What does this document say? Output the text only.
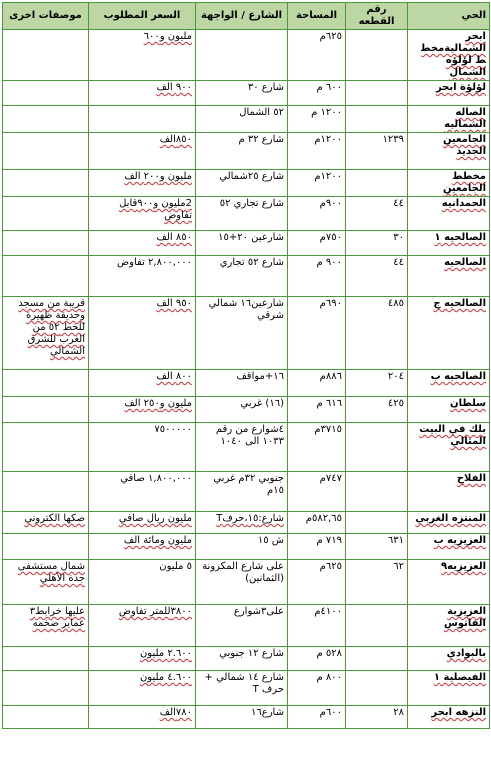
الحي	رقم القطعه	المساحة	الشارع / الواجهة	السعر المطلوب	موصفات اخرى
ابحر الشماليةمخطط لؤلؤه الشمال		٦٢٥م		مليون و٦٠٠	
لؤلؤة ابحر		٦٠٠ م	شارع ٣٠	٩٠٠ الف	
الصاله الشماليه		١٢٠٠ م	٥٢ الشمال		
الجامعين الجديد	١٢٣٩	١٢٠٠م	شارع ٣٢ م	٨٥٠الف	
مخطط الجامعين		١٢٠٠م	شارع ٢٥شمالي	مليون و٢٠٠ الف	
الحمدانيه	٤٤	٩٠٠م	شارع تجاري ٥٢	2مليون و٩٠٠قابل تفاوض	
الصالحيه ١	٣٠	٧٥٠م	شارعين ٢٠+١٥	٨٥٠ الف	
الصالحيه	٤٤	٩٠٠ م	شارع ٥٢ تجاري	٢,٨٠٠,٠٠٠ تفاوض	
الصالحيه ج	٤٨٥	٦٩٠م	شارعين١٦ شمالي شرقي	٩٥٠ الف	قريبة من مسجد وحديقة ظهيرة للخط ٥٢ من الغرب للشرق الشمالي
الصالحيه ب	٢٠٤	٨٨٦م	١٦+مواقف	٨٠٠ الف	
سلطان	٤٢٥	٦١٦ م	(١٦) غربي	مليون و٢٥٠ الف	
بلك في البيت المثالي		٣٧١٥م	٤شوارع من رقم ١٠٣٣ الى ١٠٤٠	٧٥٠٠٠٠٠	
الفلاح		٧٤٧م	جنوبي ٣٢م غربي ١٥م	١,٨٠٠,٠٠٠ صافي	
المنتزه الغربي		٥٨٢,٦٥م	شارع:١٥،حرفT	مليون ريال صافي	صكها الكتروني
العزيزيه ب	٦٣١	٧١٩ م	ش ١٥	مليون ومائة الف	
العزيزيه٩	٦٢	٦٢٥م	على شارع المكرونة (الثمانين)	٥ مليون	شمال مستشفى جدة الأهلي
العزيزية الفاتوس		٤١٠٠م	على٣شوارع	٣٨٠٠للمتر تفاوض	عليها خرابط٣ عماير ضخمه
بالبوادي		٥٢٨ م	شارع ١٢ جنوبي	٢.٦٠٠ مليون	
الفيصلية ١		٨٠٠ م	شارع ١٤ شمالي + حرف T	٤.٦٠٠ مليون	
النزهه ابحر	٢٨	٦٠٠م	شارع١٦	٧٨٠الف	
